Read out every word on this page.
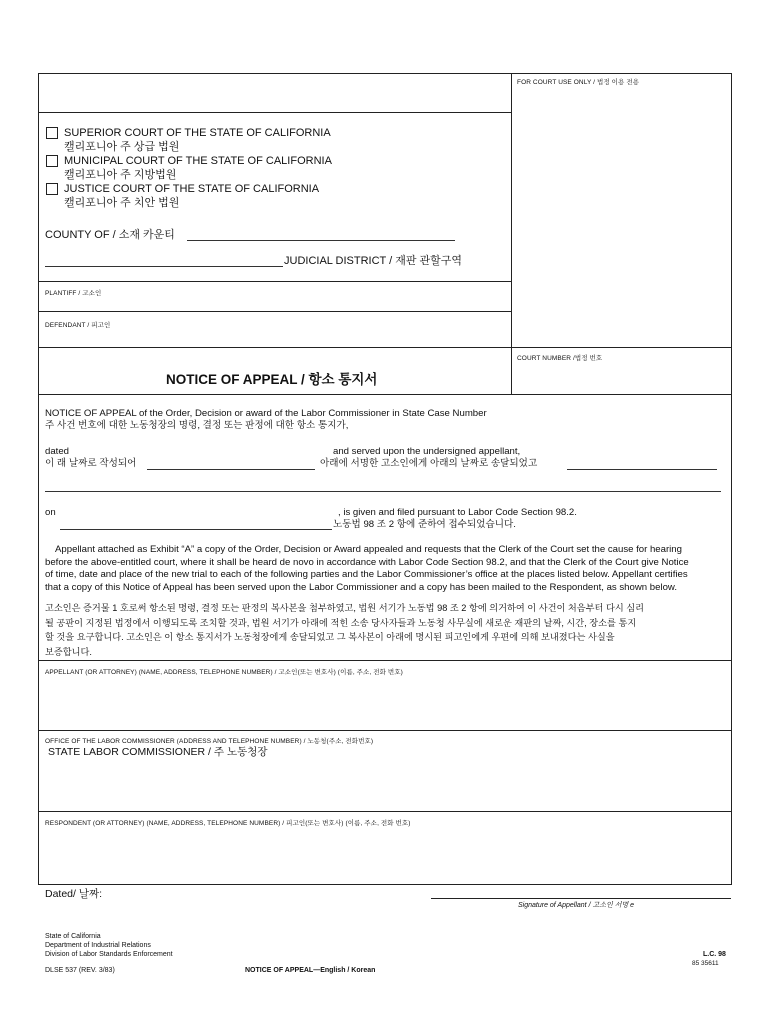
FOR COURT USE ONLY / 법정 이용 전용
SUPERIOR COURT OF THE STATE OF CALIFORNIA
캘리포니아 주 상급 법원
MUNICIPAL COURT OF THE STATE OF CALIFORNIA
캘리포니아 주 지방법원
JUSTICE COURT OF THE STATE OF CALIFORNIA
캘리포니아 주 치안 법원
COUNTY OF / 소재 카운티
JUDICIAL DISTRICT / 재판 관할구역
PLANTIFF / 고소인
DEFENDANT / 피고인
COURT NUMBER /법정 번호
NOTICE OF APPEAL / 항소 통지서
NOTICE OF APPEAL of the Order, Decision or award of the Labor Commissioner in State Case Number
주 사건 번호에 대한 노동청장의 명령, 결정 또는 판정에 대한 항소 통지가,
dated
이 래 날짜로 작성되어
and served upon the undersigned appellant,
아래에 서명한 고소인에게 아래의 날짜로 송달되었고
on	, is given and filed pursuant to Labor Code Section 98.2.
노동법 98 조 2 항에 준하여 접수되었습니다.
Appellant attached as Exhibit “A” a copy of the Order, Decision or Award appealed and requests that the Clerk of the Court set the cause for hearing
before the above-entitled court, where it shall be heard de novo in accordance with Labor Code Section 98.2, and that the Clerk of the Court give Notice
of time, date and place of the new trial to each of the following parties and the Labor Commissioner’s office at the places listed below. Appellant certifies
that a copy of this Notice of Appeal has been served upon the Labor Commissioner and a copy has been mailed to the Respondent, as shown below.
고소인은 증거물 1 호로써 항소된 명령, 결정 또는 판정의 복사본을 첨부하였고, 법원 서기가 노동법 98 조 2 항에 의거하여 이 사건이 처음부터 다시 심리
될 공판이 지정된 법정에서 이행되도록 조치할 것과, 법원 서기가 아래에 적힌 소송 당사자들과 노동청 사무실에 새로운 재판의 날짜, 시간, 장소를 통지
할 것을 요구합니다. 고소인은 이 항소 통지서가 노동청장에게 송달되었고 그 복사본이 아래에 명시된 피고인에게 우편에 의해 보내졌다는 사실을
보증합니다.
APPELLANT (OR ATTORNEY) (NAME, ADDRESS, TELEPHONE NUMBER) / 고소인(또는 변호사) (이름, 주소, 전화 번호)
OFFICE OF THE LABOR COMMISSIONER (ADDRESS AND TELEPHONE NUMBER) / 노동청(주소, 전화번호)
STATE LABOR COMMISSIONER / 주 노동청장
RESPONDENT (OR ATTORNEY) (NAME, ADDRESS, TELEPHONE NUMBER) / 피고인(또는 변호사) (이름, 주소, 전화 번호)
Dated/ 날짜:
Signature of Appellant / 고소인 서명 e
State of California
Department of Industrial Relations
Division of Labor Standards Enforcement
DLSE 537 (REV. 3/83)	NOTICE OF APPEAL—English / Korean
L.C. 98
85 35611
